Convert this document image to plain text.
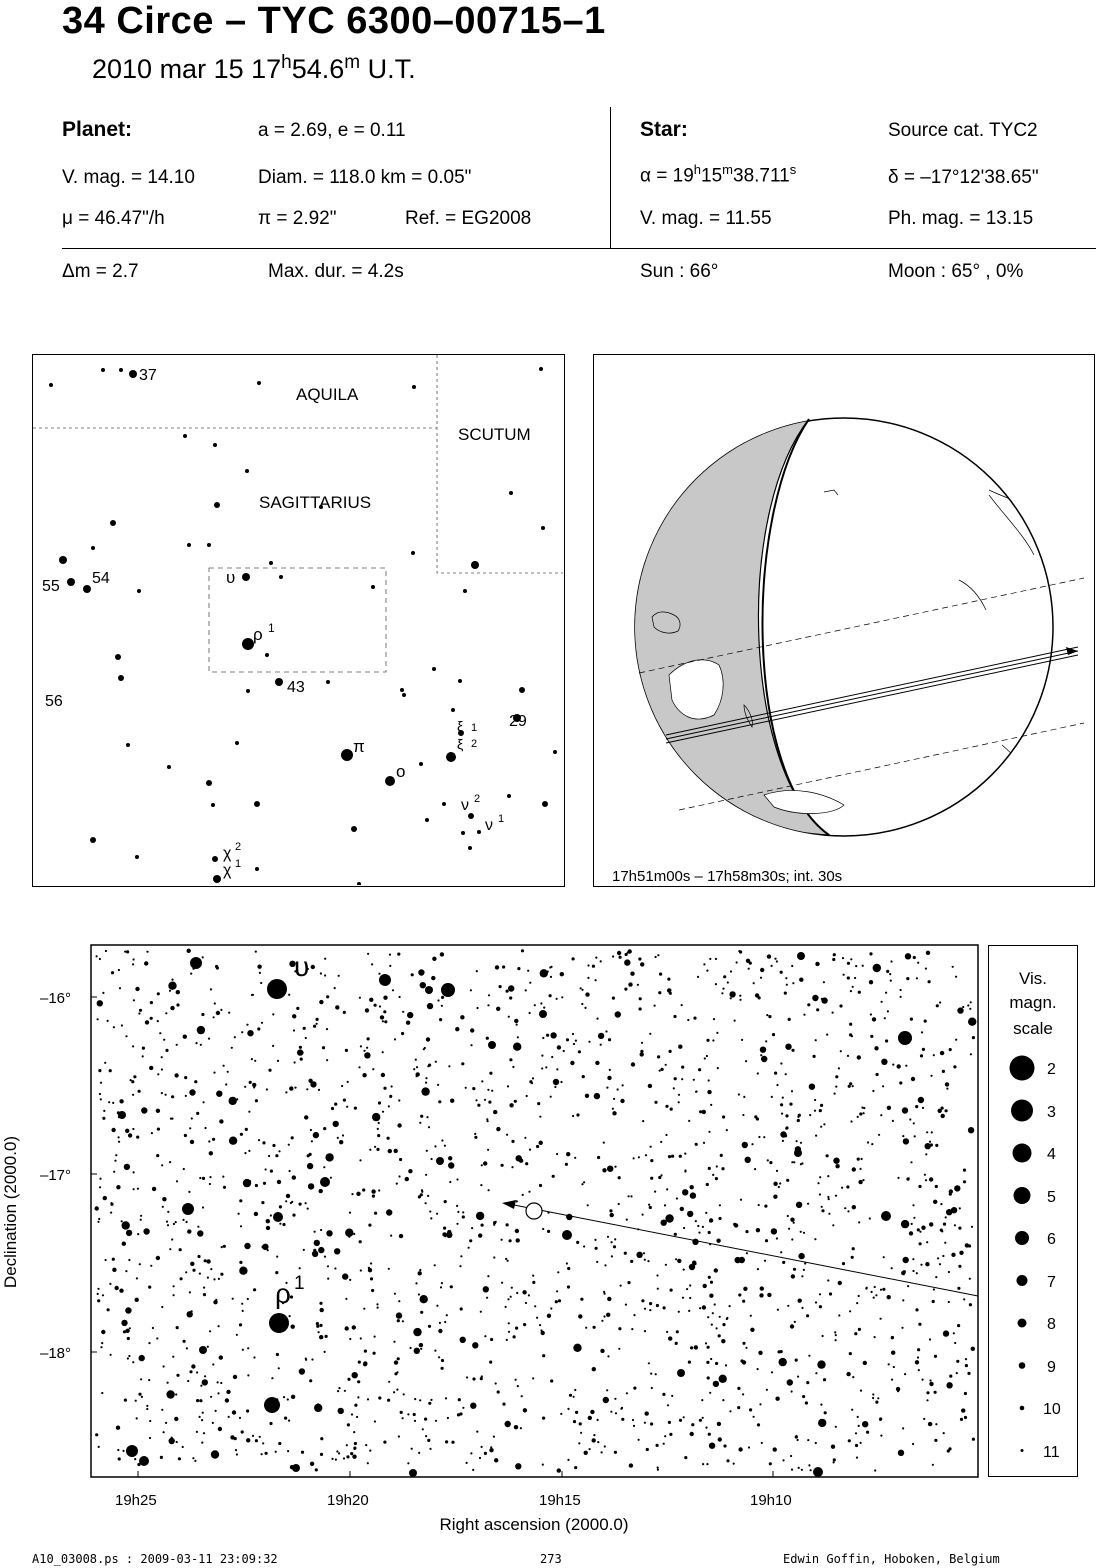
34 Circe – TYC 6300–00715–1
2010 mar 15 17$^h$54.6$^m$ U.T.
Planet:	a = 2.69, e = 0.11
V. mag. = 14.10	Diam. = 118.0 km = 0.05"
μ = 46.47"/h	π = 2.92"	Ref. = EG2008
Star:	Source cat. TYC2
$\alpha = 19^h15^m38.711^s$	δ = –17°12'38.65"
V. mag. = 11.55	Ph. mag. = 13.15
Δm = 2.7	Max. dur. = 4.2s	Sun : 66°	Moon : 65° , 0%
AQUILA
SCUTUM
SAGITTARIUS
37
55 54
56
43
29
υ
ρ 1
π
ο
ξ 1
ξ 2
ν 2
ν 1
χ 2
χ 1
17h51m00s – 17h58m30s; int. 30s
–16°
–17°
–18°
19h25	19h20	19h15	19h10
Right ascension (2000.0)
Declination (2000.0)
υ
ρ 1
Vis.
magn.
scale
2
3
4
5
6
7
8
9
10
11
A10_03008.ps : 2009-03-11 23:09:32	273	Edwin Goffin, Hoboken, Belgium
